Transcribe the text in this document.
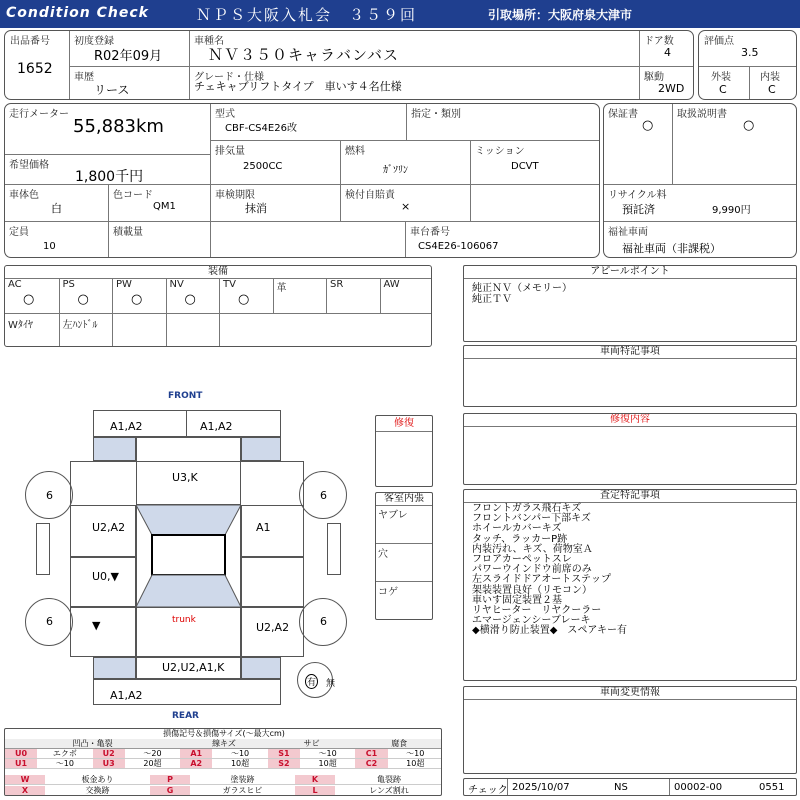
Condition Check	ＮＰＳ大阪入札会　３５９回	引取場所：大阪府泉大津市
出品番号
1652
初度登録
R02年09月
車種名
ＮＶ３５０キャラバンバス
ドア数
4
車歴
リース
グレード・仕様
チェキャブリフトタイプ　車いす４名仕様
駆動
2WD
評価点
3.5
外装
C
内装
C
走行メーター
55,883km
型式
CBF-CS4E26改
指定・類別
希望価格
1,800千円
排気量
2500CC
燃料
ｶﾞｿﾘﾝ
ミッション
DCVT
車体色
白
色コード
QM1
車検期限
抹消
検付自賠責
×
定員
10
積載量	車台番号
CS4E26-106067
保証書
○
取扱説明書
○
リサイクル料
預託済	9,990円
福祉車両
福祉車両（非課税）
装備
AC
○
PS
○
PW
○
NV
○
TV
○
革	SR	AW
Wﾀｲﾔ	左ﾊﾝﾄﾞﾙ
FRONT
A1,A2	A1,A2
U3,K
U2,A2	A1
U0,▼
▼	U2,A2
trunk
U2,U2,A1,K
A1,A2
REAR
6	6
6	6
有 無
修復
客室内張
ヤブレ
穴
コゲ
アピールポイント
純正ＮＶ（メモリー）
純正ＴＶ
車両特記事項
修復内容
査定特記事項
フロントガラス飛石キズ
フロントバンパー下部キズ
ホイールカバーキズ
タッチ、ラッカーP跡
内装汚れ、キズ、荷物室Ａ
フロアカーペットスレ
パワーウインドウ前席のみ
左スライドドアオートステップ
架装装置良好（リモコン）
車いす固定装置２基
リヤヒーター　リヤクーラー
エマージェンシーブレーキ
◆横滑り防止装置◆　スペアキー有
車両変更情報
チェック 2025/10/07	NS	00002-00	0551
損傷記号＆損傷サイズ(～最大cm)
凹凸・亀裂	線キズ	サビ	腐食
U0	エクボ	U2	～20	A1	～10	S1	～10	C1	～10
U1	～10	U3	20超	A2	10超	S2	10超	C2	10超
W	板金あり	P	塗装跡	K	亀裂跡
X	交換跡	G	ガラスヒビ	L	レンズ割れ
